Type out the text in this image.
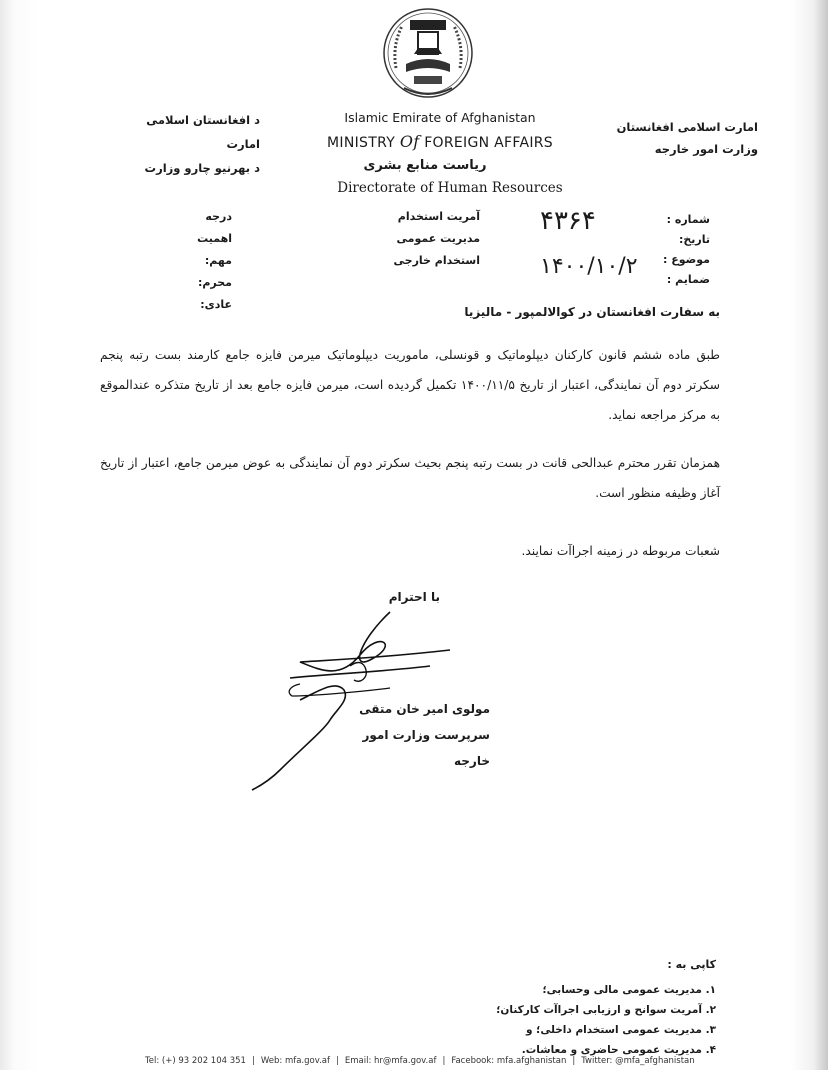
Islamic Emirate of Afghanistan
MINISTRY Of FOREIGN AFFAIRS
ریاست منابع بشری
Directorate of Human Resources
امارت اسلامی افغانستان
وزارت امور خارجه
د افغانستان اسلامی امارت
د بهرنیو چارو وزارت
شماره :
تاریخ:
موضوع :
ضمایم :
۴۳۶۴
۱۴۰۰/۱۰/۲
آمریت استخدام
مدیریت عمومی استخدام خارجی
درجه اهمیت
مهم:
محرم:
عادی:
به سفارت افغانستان در کوالالمپور - مالیزیا
طبق ماده ششم قانون کارکنان دیپلوماتیک و قونسلی، ماموریت دیپلوماتیک میرمن فایزه جامع کارمند بست رتبه پنجم سکرتر دوم آن نمایندگی، اعتبار از تاریخ ۱۴۰۰/۱۱/۵ تکمیل گردیده است، میرمن فایزه جامع بعد از تاریخ متذکره عندالموقع به مرکز مراجعه نماید.
همزمان تقرر محترم عبدالحی قانت در بست رتبه پنجم بحیث سکرتر دوم آن نمایندگی به عوض میرمن جامع، اعتبار از تاریخ آغاز وظیفه منظور است.
شعبات مربوطه در زمینه اجراآت نمایند.
با احترام
مولوی امیر خان متقی
سرپرست وزارت امور خارجه
کاپی به :
۱. مدیریت عمومی مالی وحسابی؛
۲. آمریت سوانح و ارزیابی اجراآت کارکنان؛
۳. مدیریت عمومی استخدام داخلی؛ و
۴. مدیریت عمومی حاضری و معاشات.
Tel: (+) 93 202 104 351 | Web: mfa.gov.af | Email: hr@mfa.gov.af | Facebook: mfa.afghanistan | Twitter: @mfa_afghanistan
